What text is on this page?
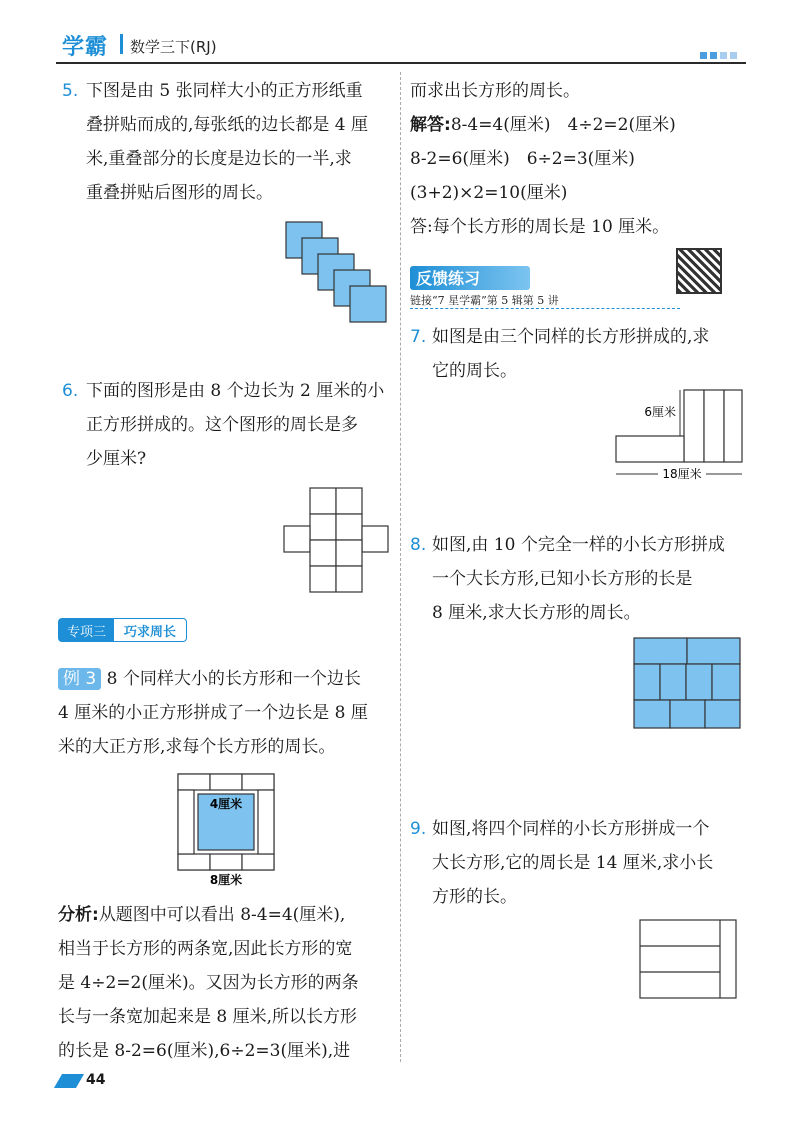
学霸 数学三下(RJ)
5. 下图是由 5 张同样大小的正方形纸重
叠拼贴而成的,每张纸的边长都是 4 厘
米,重叠部分的长度是边长的一半,求
重叠拼贴后图形的周长。
6. 下面的图形是由 8 个边长为 2 厘米的小
正方形拼成的。这个图形的周长是多
少厘米?
专项三	巧求周长
例 3 8 个同样大小的长方形和一个边长
4 厘米的小正方形拼成了一个边长是 8 厘
米的大正方形,求每个长方形的周长。
4厘米
8厘米
分析:从题图中可以看出 8-4=4(厘米),
相当于长方形的两条宽,因此长方形的宽
是 4÷2=2(厘米)。又因为长方形的两条
长与一条宽加起来是 8 厘米,所以长方形
的长是 8-2=6(厘米),6÷2=3(厘米),进
而求出长方形的周长。
解答:8-4=4(厘米)　4÷2=2(厘米)
8-2=6(厘米)　6÷2=3(厘米)
(3+2)×2=10(厘米)
答:每个长方形的周长是 10 厘米。
反馈练习
链接“7 星学霸”第 5 辑第 5 讲
7. 如图是由三个同样的长方形拼成的,求
它的周长。
6厘米
18厘米
8. 如图,由 10 个完全一样的小长方形拼成
一个大长方形,已知小长方形的长是
8 厘米,求大长方形的周长。
9. 如图,将四个同样的小长方形拼成一个
大长方形,它的周长是 14 厘米,求小长
方形的长。
44
